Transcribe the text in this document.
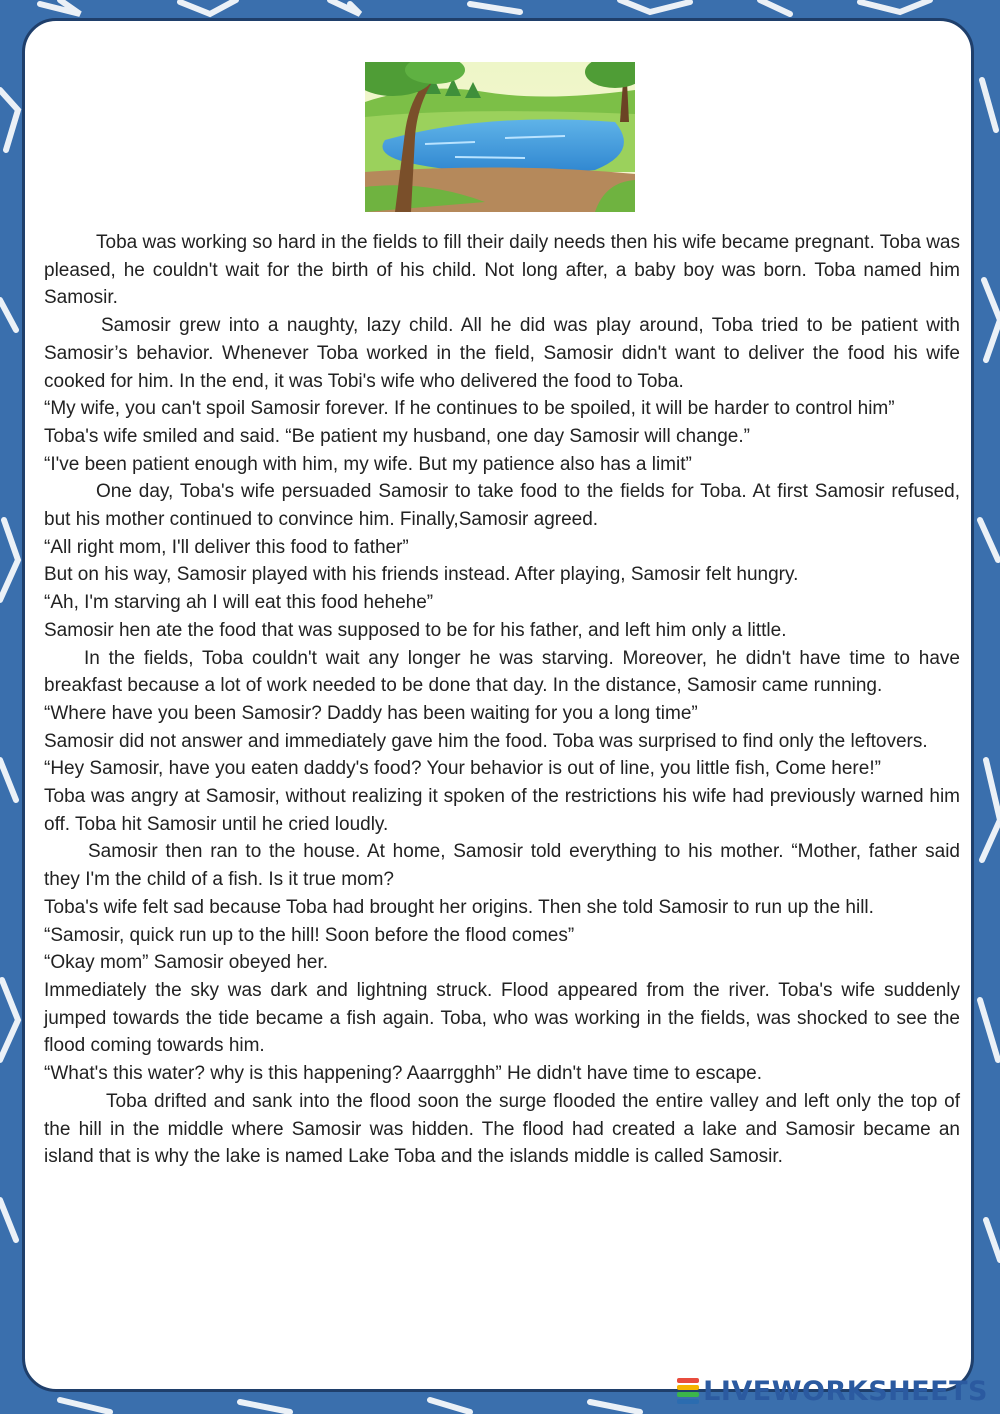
Toba was working so hard in the fields to fill their daily needs then his wife became pregnant. Toba was pleased, he couldn't wait for the birth of his child. Not long after, a baby boy was born. Toba named him Samosir.

Samosir grew into a naughty, lazy child. All he did was play around, Toba tried to be patient with Samosir’s behavior. Whenever Toba worked in the field, Samosir didn't want to deliver the food his wife cooked for him. In the end, it was Tobi's wife who delivered the food to Toba.

“My wife, you can't spoil Samosir forever. If he continues to be spoiled, it will be harder to control him”

Toba's wife smiled and said. “Be patient my husband, one day Samosir will change.”

“I've been patient enough with him, my wife. But my patience also has a limit”

One day, Toba's wife persuaded Samosir to take food to the fields for Toba. At first Samosir refused, but his mother continued to convince him. Finally,Samosir agreed.

“All right mom, I'll deliver this food to father”

But on his way, Samosir played with his friends instead. After playing, Samosir felt hungry.

“Ah, I'm starving ah I will eat this food hehehe”

Samosir hen ate the food that was supposed to be for his father, and left him only a little.

In the fields, Toba couldn't wait any longer he was starving. Moreover, he didn't have time to have breakfast because a lot of work needed to be done that day. In the distance, Samosir came running.

“Where have you been Samosir? Daddy has been waiting for you a long time”

Samosir did not answer and immediately gave him the food. Toba was surprised to find only the leftovers.

“Hey Samosir, have you eaten daddy's food? Your behavior is out of line, you little fish, Come here!”

Toba was angry at Samosir, without realizing it spoken of the restrictions his wife had previously warned him off. Toba hit Samosir until he cried loudly.

Samosir then ran to the house. At home, Samosir told everything to his mother. “Mother, father said they I'm the child of a fish. Is it true mom?

Toba's wife felt sad because Toba had brought her origins. Then she told Samosir to run up the hill.

“Samosir, quick run up to the hill! Soon before the flood comes”

“Okay mom” Samosir obeyed her.

Immediately the sky was dark and lightning struck. Flood appeared from the river. Toba's wife suddenly jumped towards the tide became a fish again. Toba, who was working in the fields, was shocked to see the flood coming towards him.

“What's this water? why is this happening? Aaarrgghh” He didn't have time to escape.

Toba drifted and sank into the flood soon the surge flooded the entire valley and left only the top of the hill in the middle where Samosir was hidden. The flood had created a lake and Samosir became an island that is why the lake is named Lake Toba and the islands middle is called Samosir.

LIVEWORKSHEETS
